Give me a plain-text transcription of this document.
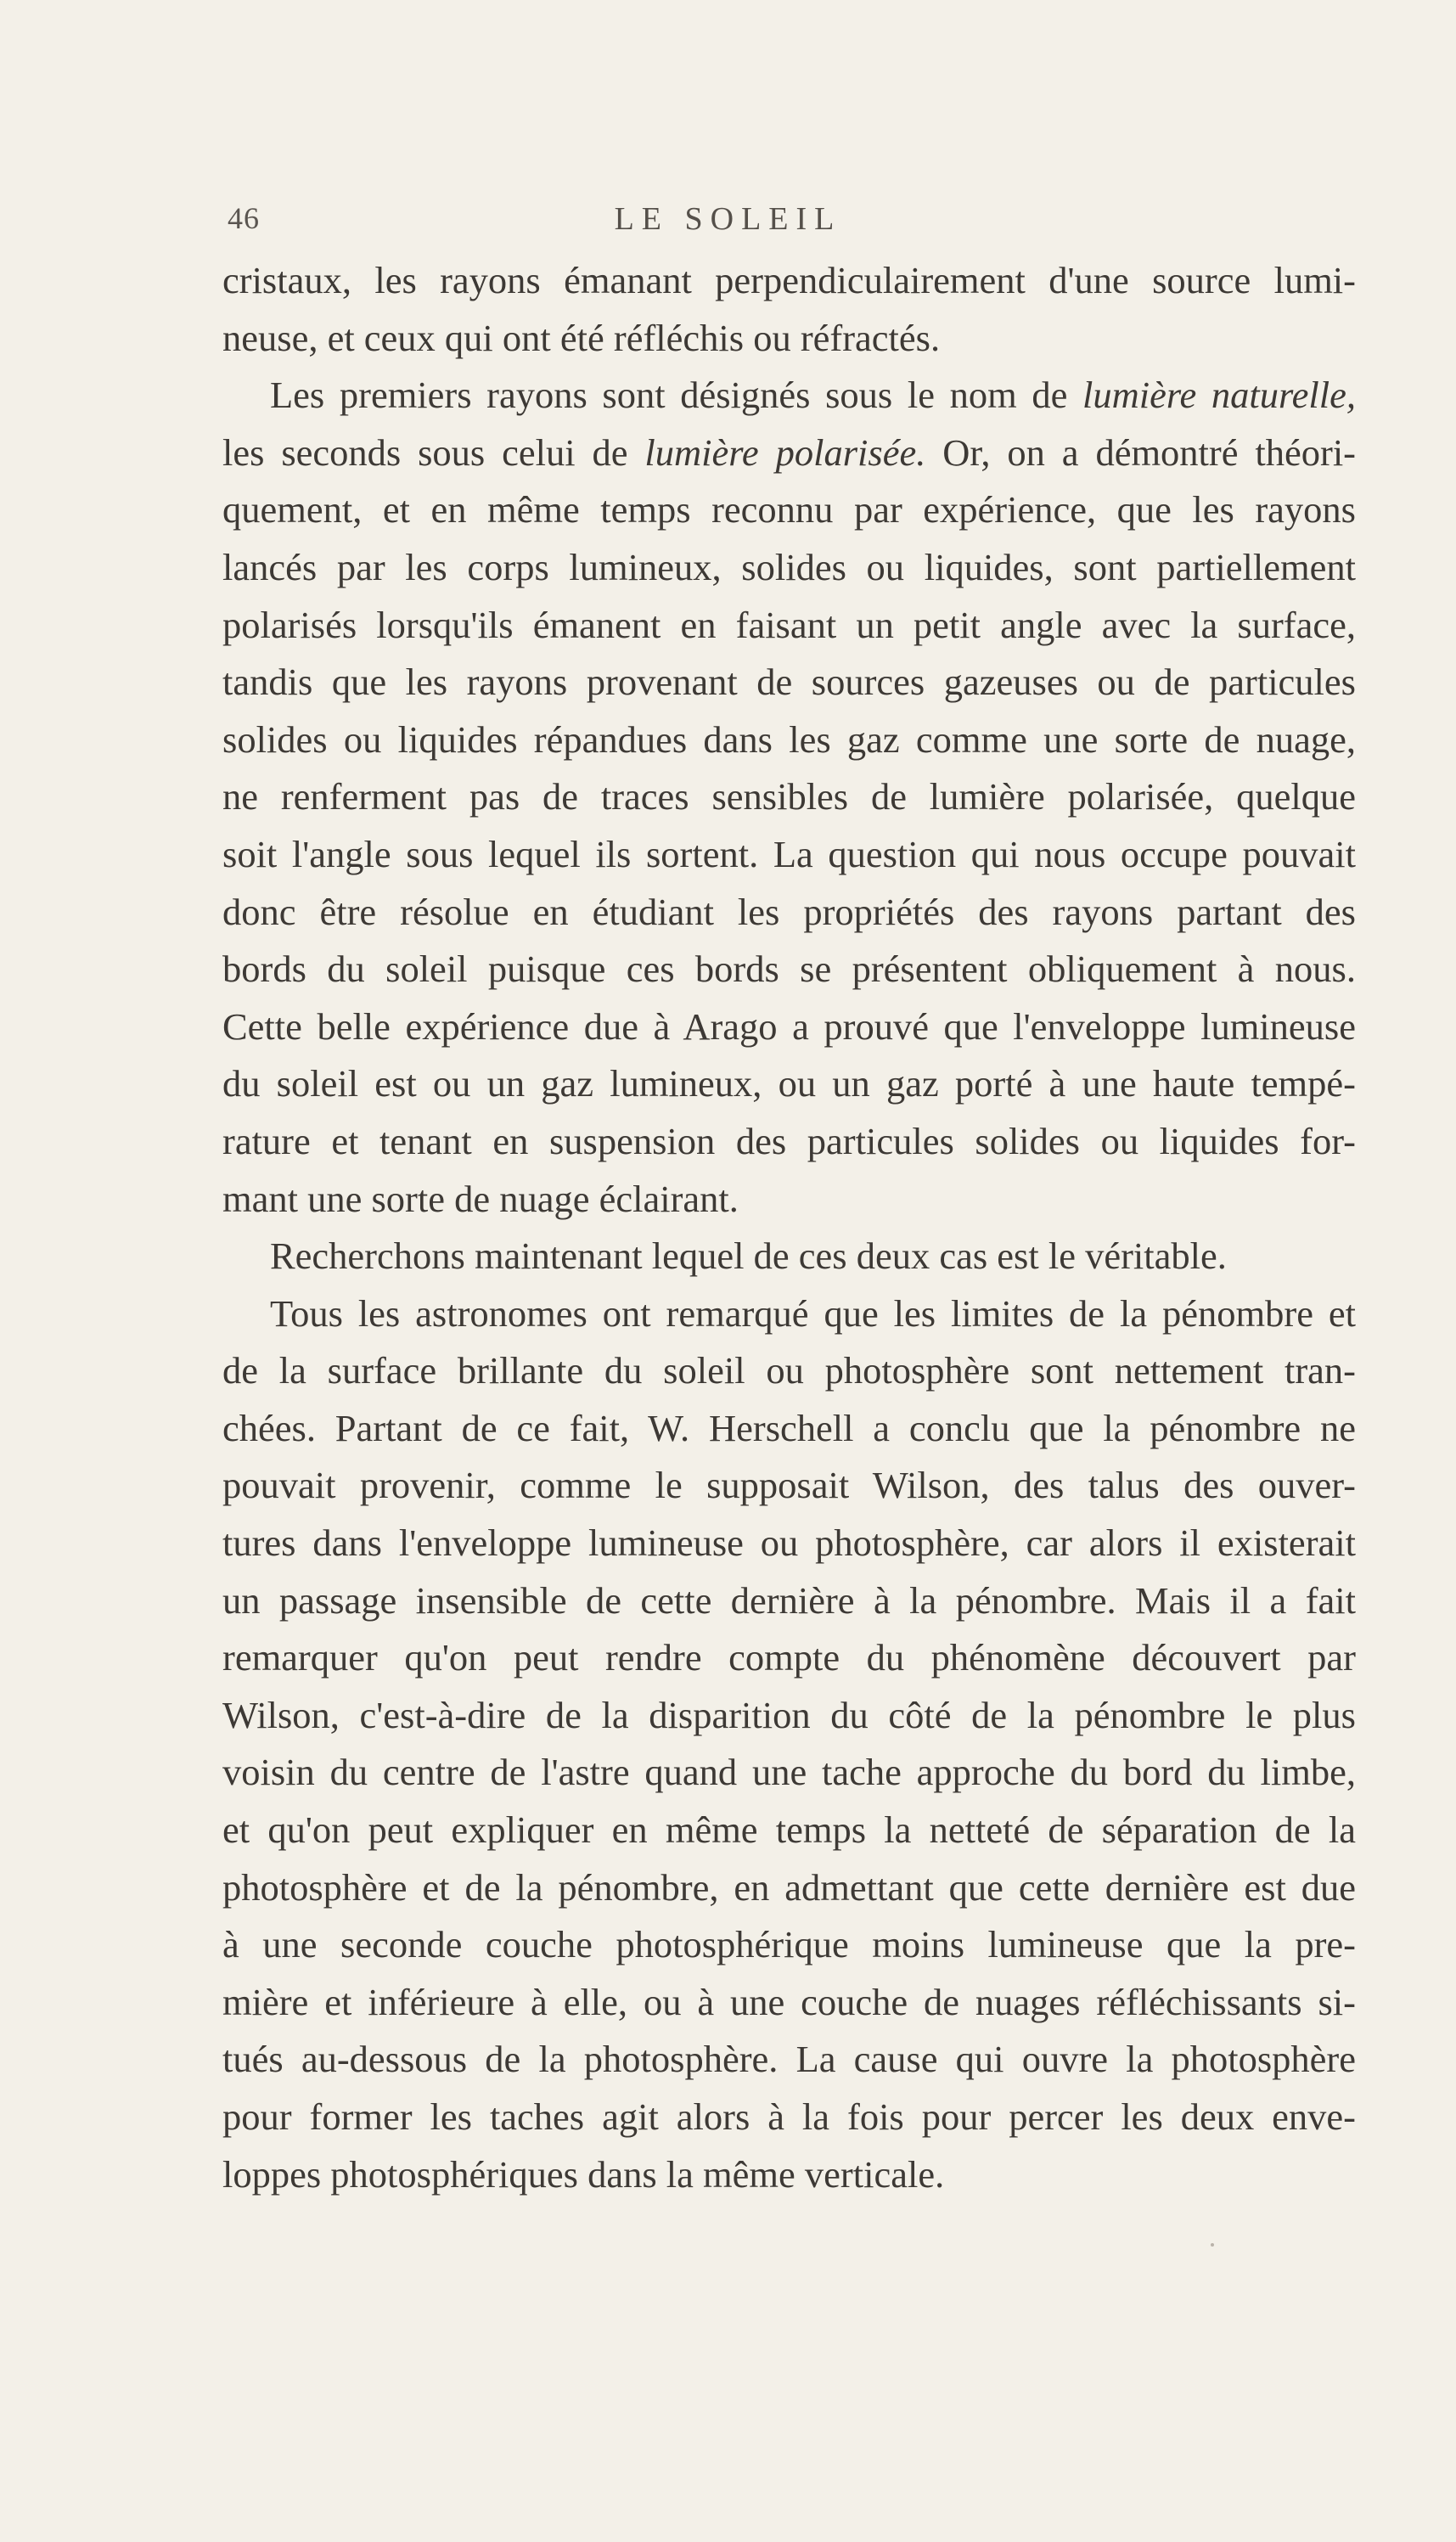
46	LE SOLEIL
cristaux, les rayons émanant perpendiculairement d'une source lumi-
neuse, et ceux qui ont été réfléchis ou réfractés.
Les premiers rayons sont désignés sous le nom de lumière naturelle,
les seconds sous celui de lumière polarisée. Or, on a démontré théori-
quement, et en même temps reconnu par expérience, que les rayons
lancés par les corps lumineux, solides ou liquides, sont partiellement
polarisés lorsqu'ils émanent en faisant un petit angle avec la surface,
tandis que les rayons provenant de sources gazeuses ou de particules
solides ou liquides répandues dans les gaz comme une sorte de nuage,
ne renferment pas de traces sensibles de lumière polarisée, quelque
soit l'angle sous lequel ils sortent. La question qui nous occupe pouvait
donc être résolue en étudiant les propriétés des rayons partant des
bords du soleil puisque ces bords se présentent obliquement à nous.
Cette belle expérience due à Arago a prouvé que l'enveloppe lumineuse
du soleil est ou un gaz lumineux, ou un gaz porté à une haute tempé-
rature et tenant en suspension des particules solides ou liquides for-
mant une sorte de nuage éclairant.
Recherchons maintenant lequel de ces deux cas est le véritable.
Tous les astronomes ont remarqué que les limites de la pénombre et
de la surface brillante du soleil ou photosphère sont nettement tran-
chées. Partant de ce fait, W. Herschell a conclu que la pénombre ne
pouvait provenir, comme le supposait Wilson, des talus des ouver-
tures dans l'enveloppe lumineuse ou photosphère, car alors il existerait
un passage insensible de cette dernière à la pénombre. Mais il a fait
remarquer qu'on peut rendre compte du phénomène découvert par
Wilson, c'est-à-dire de la disparition du côté de la pénombre le plus
voisin du centre de l'astre quand une tache approche du bord du limbe,
et qu'on peut expliquer en même temps la netteté de séparation de la
photosphère et de la pénombre, en admettant que cette dernière est due
à une seconde couche photosphérique moins lumineuse que la pre-
mière et inférieure à elle, ou à une couche de nuages réfléchissants si-
tués au-dessous de la photosphère. La cause qui ouvre la photosphère
pour former les taches agit alors à la fois pour percer les deux enve-
loppes photosphériques dans la même verticale.
